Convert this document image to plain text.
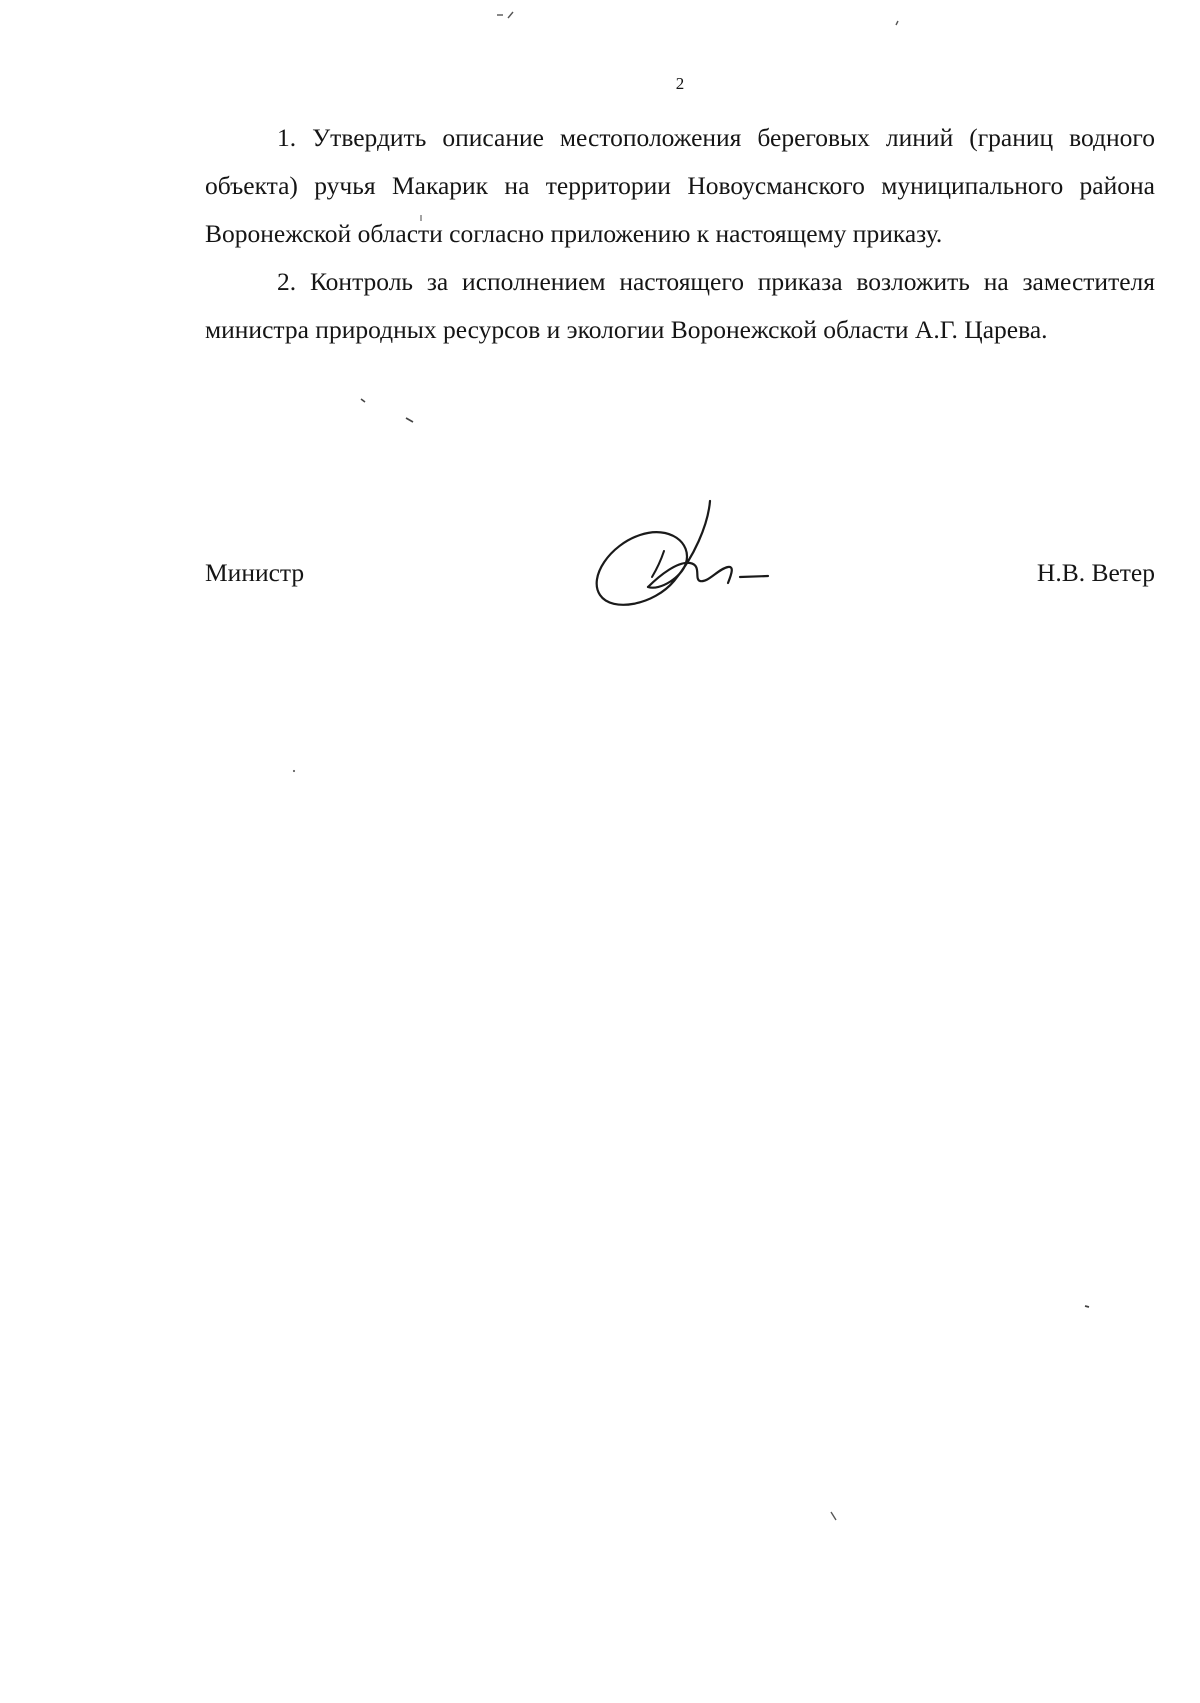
2

1. Утвердить описание местоположения береговых линий (границ водного объекта) ручья Макарик на территории Новоусманского муниципального района Воронежской области согласно приложению к настоящему приказу.

2. Контроль за исполнением настоящего приказа возложить на заместителя министра природных ресурсов и экологии Воронежской области А.Г. Царева.

Министр	Н.В. Ветер
